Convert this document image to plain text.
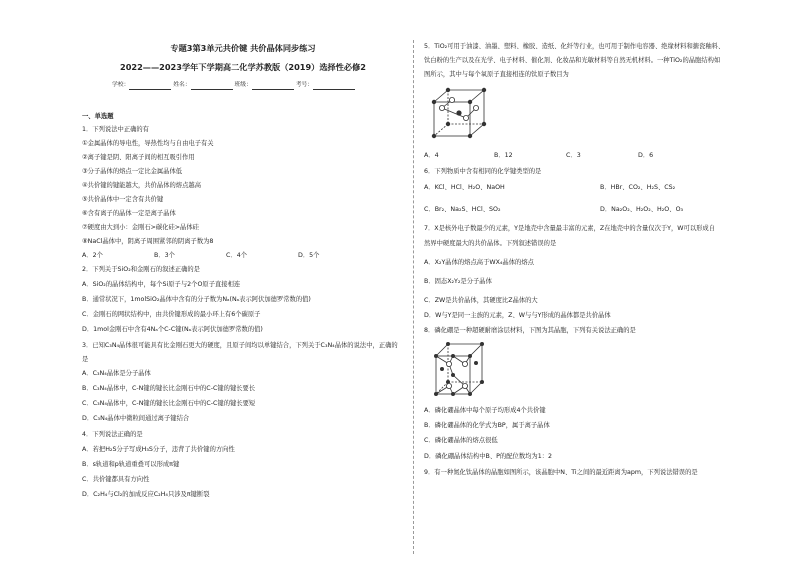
专题3第3单元共价键 共价晶体同步练习
2022——2023学年下学期高二化学苏教版（2019）选择性必修2
学校：	姓名：	班级：	考号：
一、单选题
1．下列说法中正确的有
①金属晶体的导电性，导热性均与自由电子有关
②离子键是阴、阳离子间的相互吸引作用
③分子晶体的熔点一定比金属晶体低
④共价键的键能越大，共价晶体的熔点越高
⑤共价晶体中一定含有共价键
⑥含有离子的晶体一定是离子晶体
⑦硬度由大到小：金刚石>碳化硅>晶体硅
⑧NaCl晶体中，阴离子周围紧邻的阴离子数为8
A．2个	B．3个	C．4个	D．5个
2．下列关于SiO₂和金刚石的叙述正确的是
A．SiO₂的晶体结构中，每个Si原子与2个O原子直接相连
B．通常状况下，1molSiO₂晶体中含有的分子数为Nₐ(Nₐ表示阿伏加德罗常数的值)
C．金刚石的网状结构中，由共价键形成的最小环上有6个碳原子
D．1mol金刚石中含有4Nₐ个C-C键(Nₐ表示阿伏加德罗常数的值)
3．已知C₃N₄晶体很可能具有比金刚石更大的硬度，且原子间均以单键结合，下列关于C₃N₄晶体的说法中，正确的
是
A．C₃N₄晶体是分子晶体
B．C₃N₄晶体中，C-N键的键长比金刚石中的C-C键的键长要长
C．C₃N₄晶体中，C-N键的键长比金刚石中的C-C键的键长要短
D．C₃N₄晶体中微粒间通过离子键结合
4．下列说法正确的是
A．若把H₂S分子写成H₃S分子，违背了共价键的方向性
B．s轨道和p轨道重叠可以形成π键
C．共价键都具有方向性
D．C₂H₄与Cl₂的加成反应C₂H₄只涉及π键断裂
5．TiO₂可用于油漆、油墨、塑料、橡胶、造纸、化纤等行业，也可用于制作电容器、绝缘材料和搪瓷釉料、
钛白粉的生产以及在光学、电子材料、催化剂、化妆品和光敏材料等自然无机材料。一种TiO₂的晶胞结构如
图所示，其中与每个氧原子直接相连的钛原子数目为
A．4	B．12	C．3	D．6
6．下列物质中含有相同的化学键类型的是
A．KCl、HCl、H₂O、NaOH	B．HBr、CO₂、H₂S、CS₂
C．Br₂、Na₂S、HCl、SO₂	D．Na₂O₂、H₂O₂、H₂O、O₃
7．X是核外电子数最少的元素，Y是地壳中含量最丰富的元素，Z在地壳中的含量仅次于Y，W可以形成自
然界中硬度最大的共价晶体。下列叙述错误的是
A．X₂Y晶体的熔点高于WX₄晶体的熔点
B．固态X₂Y₂是分子晶体
C．ZW是共价晶体，其硬度比Z晶体的大
D．W与Y是同一主族的元素，Z、W与与Y形成的晶体都是共价晶体
8．磷化硼是一种超硬耐磨涂层材料，下图为其晶胞，下列有关说法正确的是
A．磷化硼晶体中每个原子均形成4个共价键
B．磷化硼晶体的化学式为BP，属于离子晶体
C．磷化硼晶体的熔点很低
D．磷化硼晶体结构中B、P的配位数均为1：2
9．有一种氮化钛晶体的晶胞如图所示，该晶胞中N、Ti之间的最近距离为apm，下列说法错误的是
